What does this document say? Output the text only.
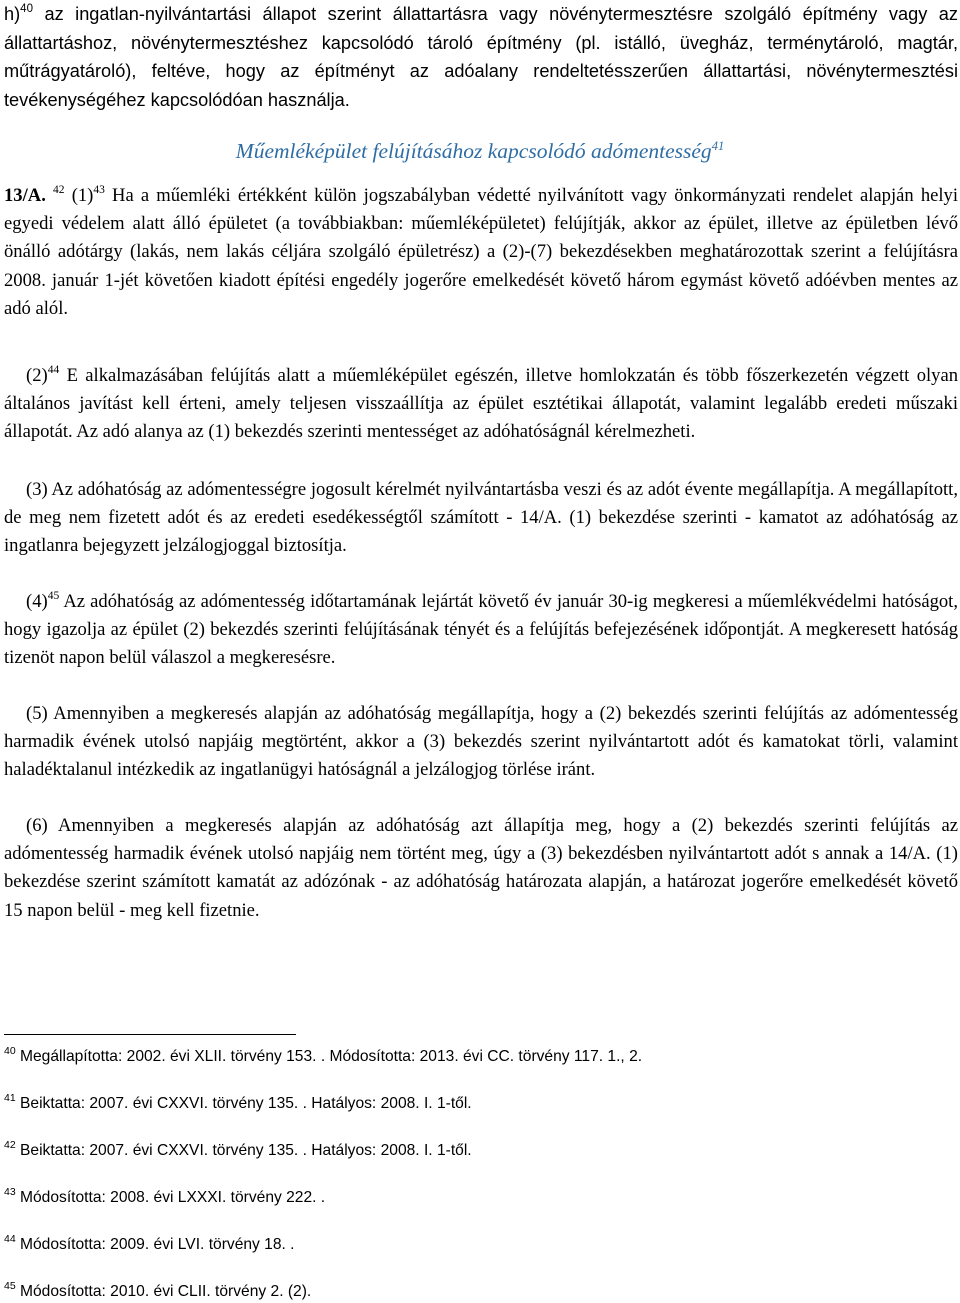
h)$^{40}$ az ingatlan-nyilvántartási állapot szerint állattartásra vagy növénytermesztésre szolgáló építmény vagy az állattartáshoz, növénytermesztéshez kapcsolódó tároló építmény (pl. istálló, üvegház, terménytároló, magtár, műtrágyatároló), feltéve, hogy az építményt az adóalany rendeltetésszerűen állattartási, növénytermesztési tevékenységéhez kapcsolódóan használja.

Műemléképület felújításához kapcsolódó adómentesség$^{41}$

13/A. $^{42}$ $(1)^{43}$ Ha a műemléki értékként külön jogszabályban védetté nyilvánított vagy önkormányzati rendelet alapján helyi egyedi védelem alatt álló épületet (a továbbiakban: műemléképületet) felújítják, akkor az épület, illetve az épületben lévő önálló adótárgy (lakás, nem lakás céljára szolgáló épületrész) a (2)-(7) bekezdésekben meghatározottak szerint a felújításra 2008. január 1-jét követően kiadott építési engedély jogerőre emelkedését követő három egymást követő adóévben mentes az adó alól.

$(2)^{44}$ E alkalmazásában felújítás alatt a műemléképület egészén, illetve homlokzatán és több főszerkezetén végzett olyan általános javítást kell érteni, amely teljesen visszaállítja az épület esztétikai állapotát, valamint legalább eredeti műszaki állapotát. Az adó alanya az (1) bekezdés szerinti mentességet az adóhatóságnál kérelmezheti.

(3) Az adóhatóság az adómentességre jogosult kérelmét nyilvántartásba veszi és az adót évente megállapítja. A megállapított, de meg nem fizetett adót és az eredeti esedékességtől számított - 14/A. (1) bekezdése szerinti - kamatot az adóhatóság az ingatlanra bejegyzett jelzálogjoggal biztosítja.

$(4)^{45}$ Az adóhatóság az adómentesség időtartamának lejártát követő év január 30-ig megkeresi a műemlékvédelmi hatóságot, hogy igazolja az épület (2) bekezdés szerinti felújításának tényét és a felújítás befejezésének időpontját. A megkeresett hatóság tizenöt napon belül válaszol a megkeresésre.

(5) Amennyiben a megkeresés alapján az adóhatóság megállapítja, hogy a (2) bekezdés szerinti felújítás az adómentesség harmadik évének utolsó napjáig megtörtént, akkor a (3) bekezdés szerint nyilvántartott adót és kamatokat törli, valamint haladéktalanul intézkedik az ingatlanügyi hatóságnál a jelzálogjog törlése iránt.

(6) Amennyiben a megkeresés alapján az adóhatóság azt állapítja meg, hogy a (2) bekezdés szerinti felújítás az adómentesség harmadik évének utolsó napjáig nem történt meg, úgy a (3) bekezdésben nyilvántartott adót s annak a 14/A. (1) bekezdése szerint számított kamatát az adózónak - az adóhatóság határozata alapján, a határozat jogerőre emelkedését követő 15 napon belül - meg kell fizetnie.

$^{40}$ Megállapította: 2002. évi XLII. törvény 153. . Módosította: 2013. évi CC. törvény 117. 1., 2.
$^{41}$ Beiktatta: 2007. évi CXXVI. törvény 135. . Hatályos: 2008. I. 1-től.
$^{42}$ Beiktatta: 2007. évi CXXVI. törvény 135. . Hatályos: 2008. I. 1-től.
$^{43}$ Módosította: 2008. évi LXXXI. törvény 222. .
$^{44}$ Módosította: 2009. évi LVI. törvény 18. .
$^{45}$ Módosította: 2010. évi CLII. törvény 2. (2).
